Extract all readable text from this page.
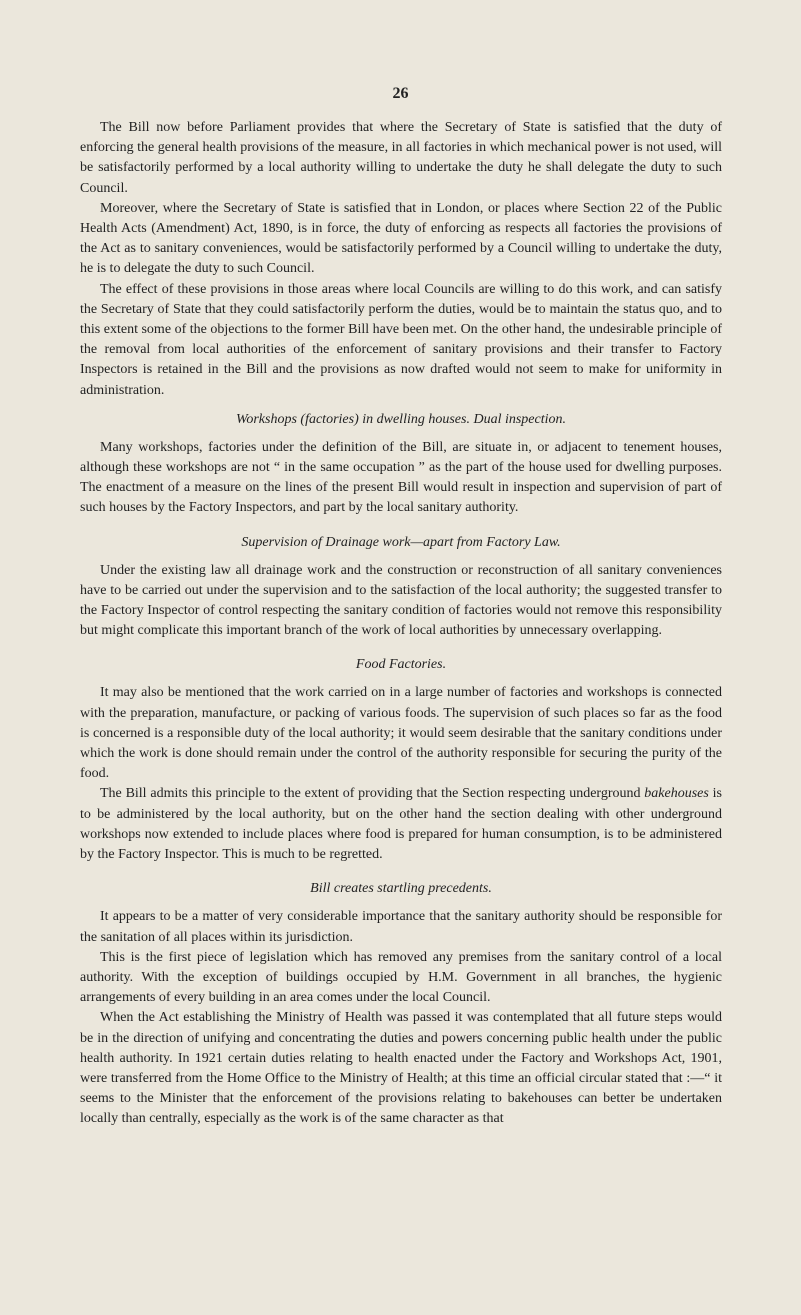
26

The Bill now before Parliament provides that where the Secretary of State is satisfied that the duty of enforcing the general health provisions of the measure, in all factories in which mechanical power is not used, will be satisfactorily performed by a local authority willing to undertake the duty he shall delegate the duty to such Council.

Moreover, where the Secretary of State is satisfied that in London, or places where Section 22 of the Public Health Acts (Amendment) Act, 1890, is in force, the duty of enforcing as respects all factories the provisions of the Act as to sanitary conveniences, would be satisfactorily performed by a Council willing to undertake the duty, he is to delegate the duty to such Council.

The effect of these provisions in those areas where local Councils are willing to do this work, and can satisfy the Secretary of State that they could satisfactorily perform the duties, would be to maintain the status quo, and to this extent some of the objections to the former Bill have been met. On the other hand, the undesirable principle of the removal from local authorities of the enforcement of sanitary provisions and their transfer to Factory Inspectors is retained in the Bill and the provisions as now drafted would not seem to make for uniformity in administration.

Workshops (factories) in dwelling houses. Dual inspection.

Many workshops, factories under the definition of the Bill, are situate in, or adjacent to tenement houses, although these workshops are not “ in the same occupation ” as the part of the house used for dwelling purposes. The enactment of a measure on the lines of the present Bill would result in inspection and supervision of part of such houses by the Factory Inspectors, and part by the local sanitary authority.

Supervision of Drainage work—apart from Factory Law.

Under the existing law all drainage work and the construction or reconstruction of all sanitary conveniences have to be carried out under the supervision and to the satisfaction of the local authority; the suggested transfer to the Factory Inspector of control respecting the sanitary condition of factories would not remove this responsibility but might complicate this important branch of the work of local authorities by unnecessary overlapping.

Food Factories.

It may also be mentioned that the work carried on in a large number of factories and workshops is connected with the preparation, manufacture, or packing of various foods. The supervision of such places so far as the food is concerned is a responsible duty of the local authority; it would seem desirable that the sanitary conditions under which the work is done should remain under the control of the authority responsible for securing the purity of the food.

The Bill admits this principle to the extent of providing that the Section respecting underground bakehouses is to be administered by the local authority, but on the other hand the section dealing with other underground workshops now extended to include places where food is prepared for human consumption, is to be administered by the Factory Inspector. This is much to be regretted.

Bill creates startling precedents.

It appears to be a matter of very considerable importance that the sanitary authority should be responsible for the sanitation of all places within its jurisdiction.

This is the first piece of legislation which has removed any premises from the sanitary control of a local authority. With the exception of buildings occupied by H.M. Government in all branches, the hygienic arrangements of every building in an area comes under the local Council.

When the Act establishing the Ministry of Health was passed it was contemplated that all future steps would be in the direction of unifying and concentrating the duties and powers concerning public health under the public health authority. In 1921 certain duties relating to health enacted under the Factory and Workshops Act, 1901, were transferred from the Home Office to the Ministry of Health; at this time an official circular stated that :—“ it seems to the Minister that the enforcement of the provisions relating to bakehouses can better be undertaken locally than centrally, especially as the work is of the same character as that
